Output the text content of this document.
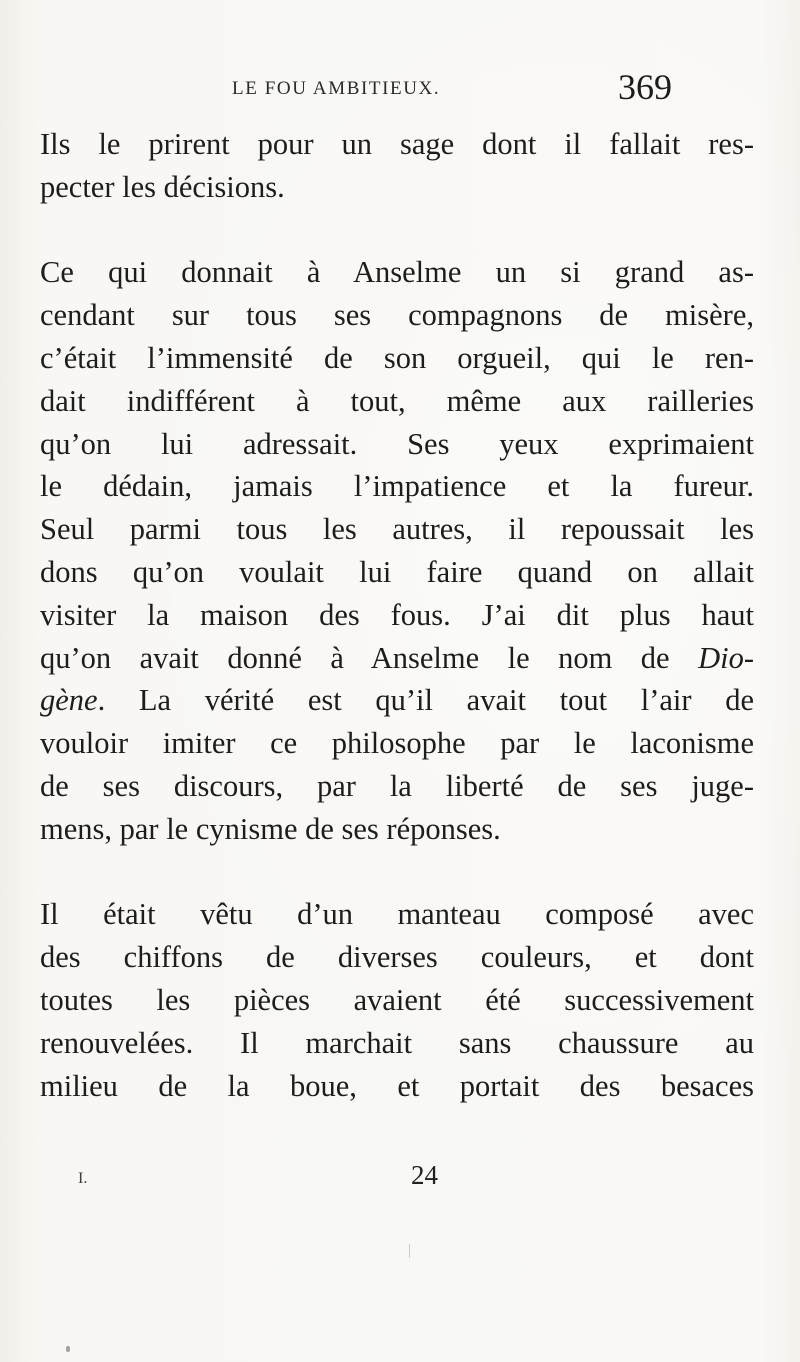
LE FOU AMBITIEUX.	369
Ils le prirent pour un sage dont il fallait res-
pecter les décisions.
Ce qui donnait à Anselme un si grand as-
cendant sur tous ses compagnons de misère,
c’était l’immensité de son orgueil, qui le ren-
dait indifférent à tout, même aux railleries
qu’on lui adressait. Ses yeux exprimaient
le dédain, jamais l’impatience et la fureur.
Seul parmi tous les autres, il repoussait les
dons qu’on voulait lui faire quand on allait
visiter la maison des fous. J’ai dit plus haut
qu’on avait donné à Anselme le nom de Dio-
gène. La vérité est qu’il avait tout l’air de
vouloir imiter ce philosophe par le laconisme
de ses discours, par la liberté de ses juge-
mens, par le cynisme de ses réponses.
Il était vêtu d’un manteau composé avec
des chiffons de diverses couleurs, et dont
toutes les pièces avaient été successivement
renouvelées. Il marchait sans chaussure au
milieu de la boue, et portait des besaces
I.	24
